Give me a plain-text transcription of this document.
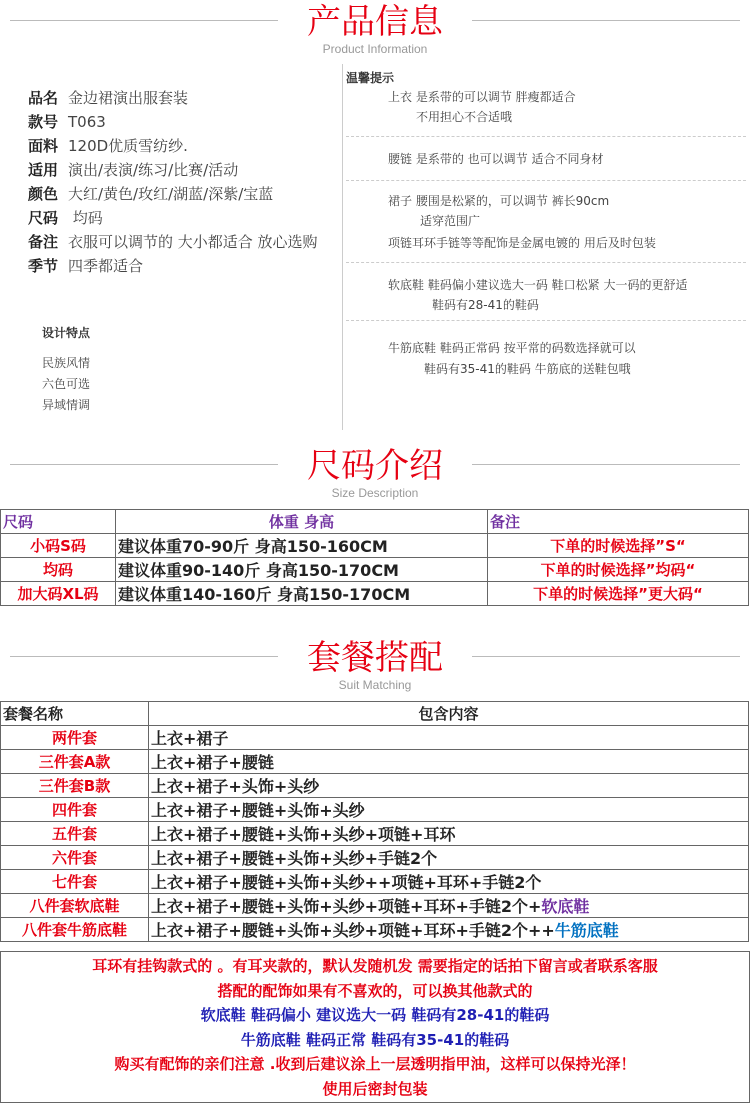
产品信息
Product Information
品名 金边裙演出服套装
款号 T063
面料 120D优质雪纺纱.
适用 演出/表演/练习/比赛/活动
颜色 大红/黄色/玫红/湖蓝/深紫/宝蓝
尺码 均码
备注 衣服可以调节的 大小都适合 放心选购
季节 四季都适合
设计特点
民族风情
六色可选
异域情调
温馨提示
上衣 是系带的可以调节 胖瘦都适合
不用担心不合适哦
腰链 是系带的 也可以调节 适合不同身材
裙子 腰围是松紧的，可以调节 裤长90cm
适穿范围广
项链耳环手链等等配饰是金属电镀的 用后及时包装
软底鞋 鞋码偏小建议选大一码 鞋口松紧 大一码的更舒适
鞋码有28-41的鞋码
牛筋底鞋 鞋码正常码 按平常的码数选择就可以
鞋码有35-41的鞋码 牛筋底的送鞋包哦
尺码介绍
Size Description
尺码	体重 身高	备注
小码S码	建议体重70-90斤 身高150-160CM	下单的时候选择”S“
均码	建议体重90-140斤 身高150-170CM	下单的时候选择”均码“
加大码XL码	建议体重140-160斤 身高150-170CM	下单的时候选择”更大码“
套餐搭配
Suit Matching
套餐名称	包含内容
两件套	上衣+裙子
三件套A款	上衣+裙子+腰链
三件套B款	上衣+裙子+头饰+头纱
四件套	上衣+裙子+腰链+头饰+头纱
五件套	上衣+裙子+腰链+头饰+头纱+项链+耳环
六件套	上衣+裙子+腰链+头饰+头纱+手链2个
七件套	上衣+裙子+腰链+头饰+头纱++项链+耳环+手链2个
八件套软底鞋	上衣+裙子+腰链+头饰+头纱+项链+耳环+手链2个+软底鞋
八件套牛筋底鞋	上衣+裙子+腰链+头饰+头纱+项链+耳环+手链2个++牛筋底鞋
耳环有挂钩款式的 。有耳夹款的，默认发随机发 需要指定的话拍下留言或者联系客服
搭配的配饰如果有不喜欢的，可以换其他款式的
软底鞋 鞋码偏小 建议选大一码 鞋码有28-41的鞋码
牛筋底鞋 鞋码正常 鞋码有35-41的鞋码
购买有配饰的亲们注意 .收到后建议涂上一层透明指甲油，这样可以保持光泽！
使用后密封包装
